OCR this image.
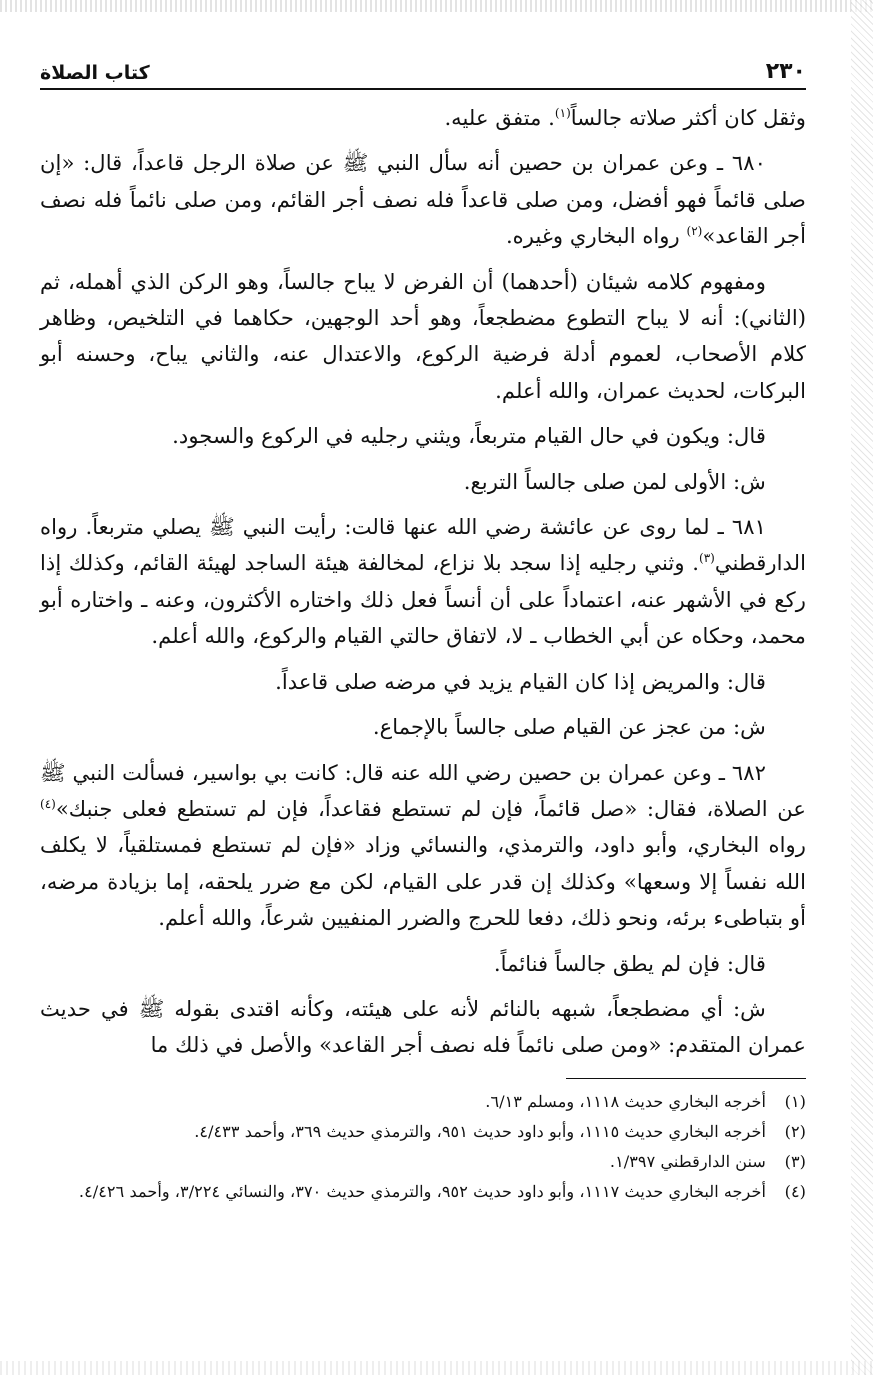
٢٣٠
كتاب الصلاة

وثقل كان أكثر صلاته جالساً$^{(١)}$. متفق عليه.

٦٨٠ ـ وعن عمران بن حصين أنه سأل النبي ﷺ عن صلاة الرجل قاعداً، قال: «إن صلى قائماً فهو أفضل، ومن صلى قاعداً فله نصف أجر القائم، ومن صلى نائماً فله نصف أجر القاعد»$^{(٢)}$ رواه البخاري وغيره.

ومفهوم كلامه شيئان (أحدهما) أن الفرض لا يباح جالساً، وهو الركن الذي أهمله، ثم (الثاني): أنه لا يباح التطوع مضطجعاً، وهو أحد الوجهين، حكاهما في التلخيص، وظاهر كلام الأصحاب، لعموم أدلة فرضية الركوع، والاعتدال عنه، والثاني يباح، وحسنه أبو البركات، لحديث عمران، والله أعلم.

قال: ويكون في حال القيام متربعاً، ويثني رجليه في الركوع والسجود.

ش: الأولى لمن صلى جالساً التربع.

٦٨١ ـ لما روى عن عائشة رضي الله عنها قالت: رأيت النبي ﷺ يصلي متربعاً. رواه الدارقطني$^{(٣)}$. وثني رجليه إذا سجد بلا نزاع، لمخالفة هيئة الساجد لهيئة القائم، وكذلك إذا ركع في الأشهر عنه، اعتماداً على أن أنساً فعل ذلك واختاره الأكثرون، وعنه ـ واختاره أبو محمد، وحكاه عن أبي الخطاب ـ لا، لاتفاق حالتي القيام والركوع، والله أعلم.

قال: والمريض إذا كان القيام يزيد في مرضه صلى قاعداً.

ش: من عجز عن القيام صلى جالساً بالإجماع.

٦٨٢ ـ وعن عمران بن حصين رضي الله عنه قال: كانت بي بواسير، فسألت النبي ﷺ عن الصلاة، فقال: «صل قائماً، فإن لم تستطع فقاعداً، فإن لم تستطع فعلى جنبك»$^{(٤)}$ رواه البخاري، وأبو داود، والترمذي، والنسائي وزاد «فإن لم تستطع فمستلقياً، لا يكلف الله نفساً إلا وسعها» وكذلك إن قدر على القيام، لكن مع ضرر يلحقه، إما بزيادة مرضه، أو بتباطىء برئه، ونحو ذلك، دفعا للحرج والضرر المنفيين شرعاً، والله أعلم.

قال: فإن لم يطق جالساً فنائماً.

ش: أي مضطجعاً، شبهه بالنائم لأنه على هيئته، وكأنه اقتدى بقوله ﷺ في حديث عمران المتقدم: «ومن صلى نائماً فله نصف أجر القاعد» والأصل في ذلك ما

(١)
أخرجه البخاري حديث ١١١٨، ومسلم ٦/١٣.
(٢)
أخرجه البخاري حديث ١١١٥، وأبو داود حديث ٩٥١، والترمذي حديث ٣٦٩، وأحمد ٤/٤٣٣.
(٣)
سنن الدارقطني ١/٣٩٧.
(٤)
أخرجه البخاري حديث ١١١٧، وأبو داود حديث ٩٥٢، والترمذي حديث ٣٧٠، والنسائي ٣/٢٢٤، وأحمد ٤/٤٢٦.
